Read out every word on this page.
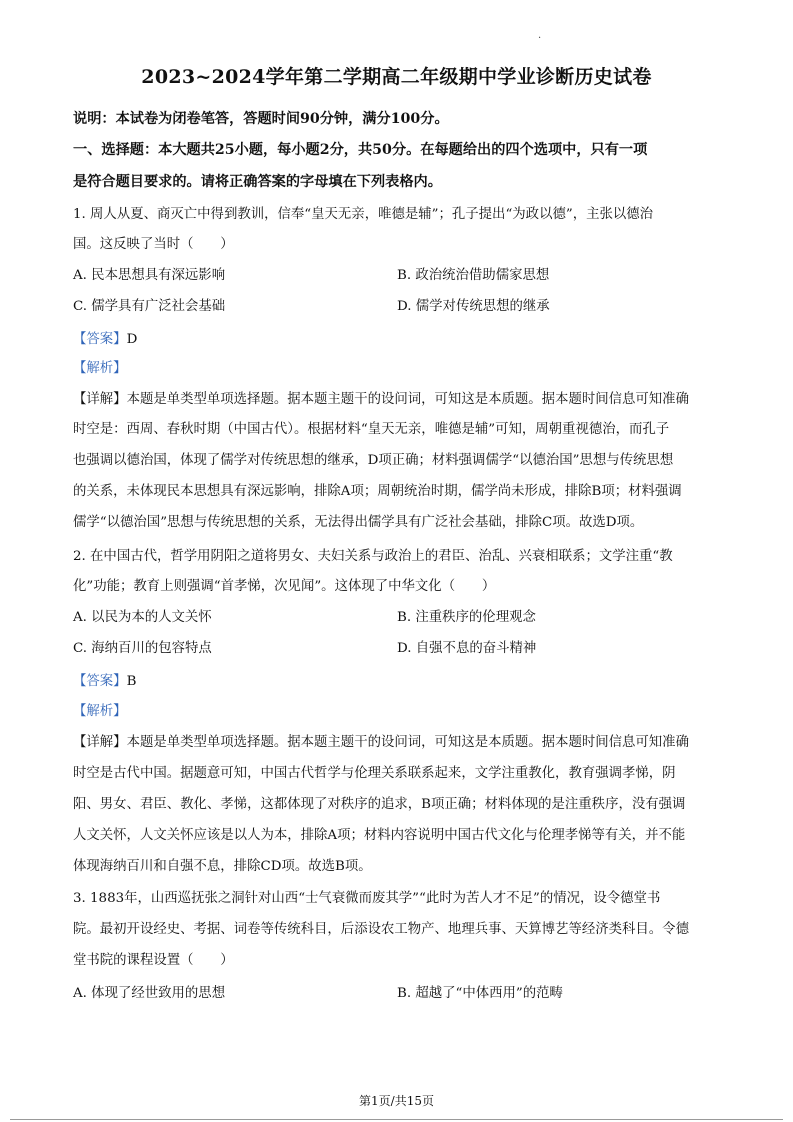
.
2023~2024学年第二学期高二年级期中学业诊断历史试卷
说明：本试卷为闭卷笔答，答题时间90分钟，满分100分。
一、选择题：本大题共25小题，每小题2分，共50分。在每题给出的四个选项中，只有一项
是符合题目要求的。请将正确答案的字母填在下列表格内。
1. 周人从夏、商灭亡中得到教训，信奉“皇天无亲，唯德是辅”；孔子提出“为政以德”，主张以德治
国。这反映了当时（　　）
A. 民本思想具有深远影响	B. 政治统治借助儒家思想
C. 儒学具有广泛社会基础	D. 儒学对传统思想的继承
【答案】D
【解析】
【详解】本题是单类型单项选择题。据本题主题干的设问词，可知这是本质题。据本题时间信息可知准确
时空是：西周、春秋时期（中国古代）。根据材料“皇天无亲，唯德是辅”可知，周朝重视德治，而孔子
也强调以德治国，体现了儒学对传统思想的继承，D项正确；材料强调儒学“以德治国”思想与传统思想
的关系，未体现民本思想具有深远影响，排除A项；周朝统治时期，儒学尚未形成，排除B项；材料强调
儒学“以德治国”思想与传统思想的关系，无法得出儒学具有广泛社会基础，排除C项。故选D项。
2. 在中国古代，哲学用阴阳之道将男女、夫妇关系与政治上的君臣、治乱、兴衰相联系；文学注重“教
化”功能；教育上则强调“首孝悌，次见闻”。这体现了中华文化（　　）
A. 以民为本的人文关怀	B. 注重秩序的伦理观念
C. 海纳百川的包容特点	D. 自强不息的奋斗精神
【答案】B
【解析】
【详解】本题是单类型单项选择题。据本题主题干的设问词，可知这是本质题。据本题时间信息可知准确
时空是古代中国。据题意可知，中国古代哲学与伦理关系联系起来，文学注重教化，教育强调孝悌，阴
阳、男女、君臣、教化、孝悌，这都体现了对秩序的追求，B项正确；材料体现的是注重秩序，没有强调
人文关怀，人文关怀应该是以人为本，排除A项；材料内容说明中国古代文化与伦理孝悌等有关，并不能
体现海纳百川和自强不息，排除CD项。故选B项。
3. 1883年，山西巡抚张之洞针对山西“士气衰微而废其学”“此时为苦人才不足”的情况，设令德堂书
院。最初开设经史、考据、词卷等传统科目，后添设农工物产、地理兵事、天算博艺等经济类科目。令德
堂书院的课程设置（　　）
A. 体现了经世致用的思想	B. 超越了“中体西用”的范畴
第1页/共15页
